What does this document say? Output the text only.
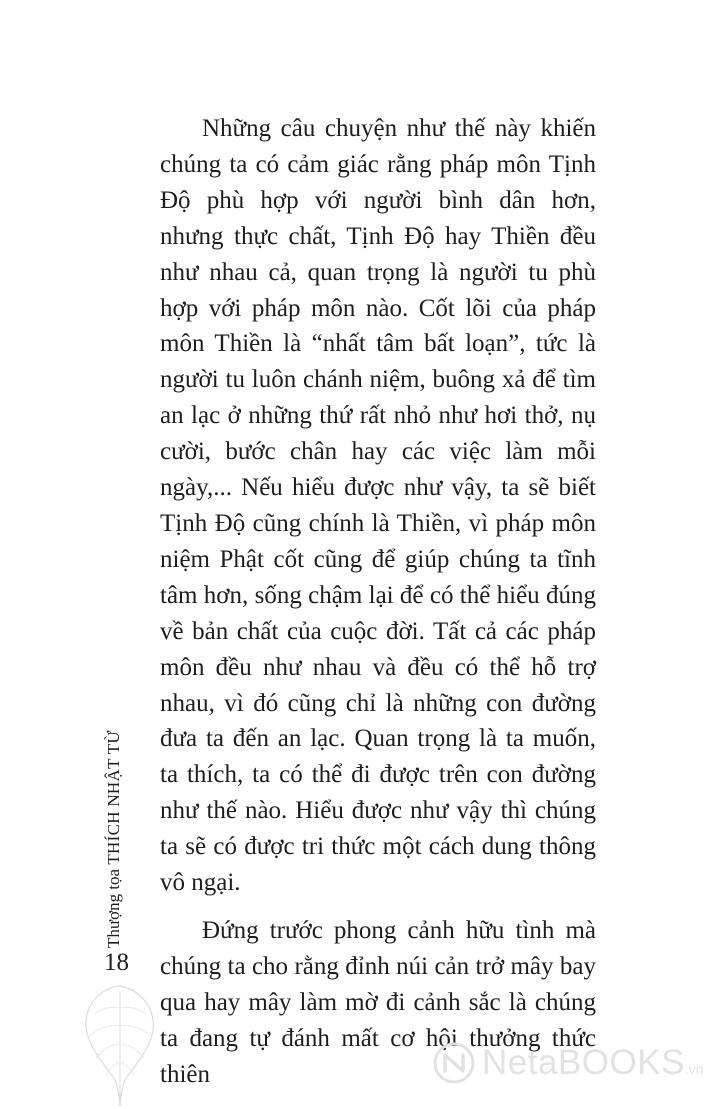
Những câu chuyện như thế này khiến chúng ta có cảm giác rằng pháp môn Tịnh Độ phù hợp với người bình dân hơn, nhưng thực chất, Tịnh Độ hay Thiền đều như nhau cả, quan trọng là người tu phù hợp với pháp môn nào. Cốt lõi của pháp môn Thiền là “nhất tâm bất loạn”, tức là người tu luôn chánh niệm, buông xả để tìm an lạc ở những thứ rất nhỏ như hơi thở, nụ cười, bước chân hay các việc làm mỗi ngày,... Nếu hiểu được như vậy, ta sẽ biết Tịnh Độ cũng chính là Thiền, vì pháp môn niệm Phật cốt cũng để giúp chúng ta tĩnh tâm hơn, sống chậm lại để có thể hiểu đúng về bản chất của cuộc đời. Tất cả các pháp môn đều như nhau và đều có thể hỗ trợ nhau, vì đó cũng chỉ là những con đường đưa ta đến an lạc. Quan trọng là ta muốn, ta thích, ta có thể đi được trên con đường như thế nào. Hiểu được như vậy thì chúng ta sẽ có được tri thức một cách dung thông vô ngại.

Đứng trước phong cảnh hữu tình mà chúng ta cho rằng đỉnh núi cản trở mây bay qua hay mây làm mờ đi cảnh sắc là chúng ta đang tự đánh mất cơ hội thưởng thức thiên

Thượng tọa THÍCH NHẬT TỪ
18
NetaBOOKS.vn
